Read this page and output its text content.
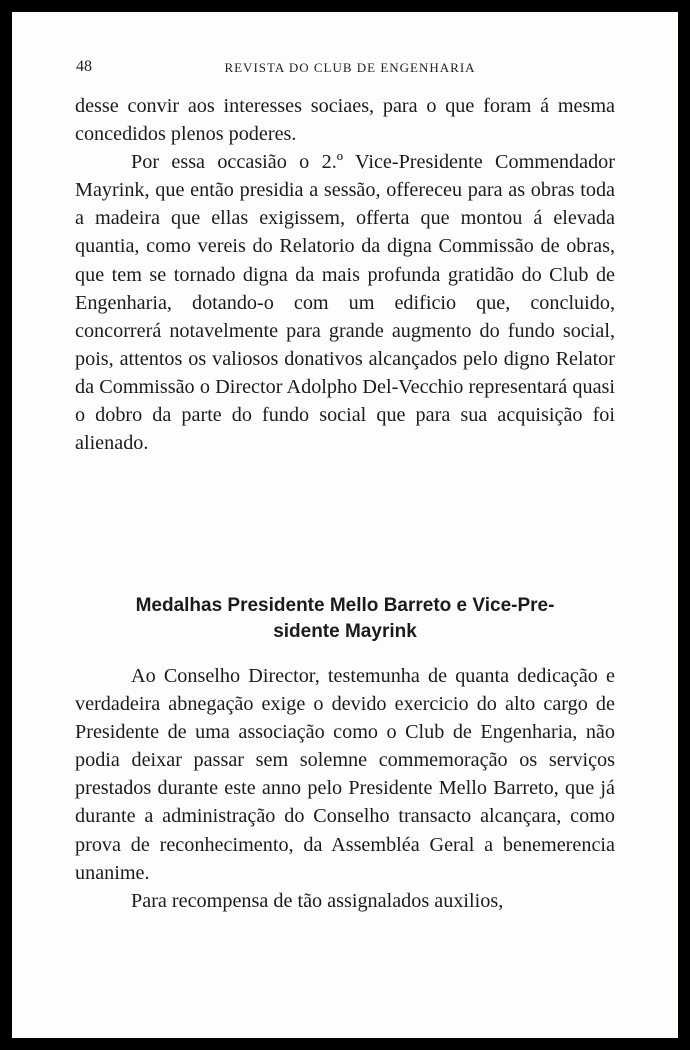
48	REVISTA DO CLUB DE ENGENHARIA

desse convir aos interesses sociaes, para o que foram á mesma concedidos plenos poderes.

Por essa occasião o 2.º Vice-Presidente Commendador Mayrink, que então presidia a sessão, offereceu para as obras toda a madeira que ellas exigissem, offerta que montou á elevada quantia, como vereis do Relatorio da digna Commissão de obras, que tem se tornado digna da mais profunda gratidão do Club de Engenharia, dotando-o com um edificio que, concluido, concorrerá notavelmente para grande augmento do fundo social, pois, attentos os valiosos donativos alcançados pelo digno Relator da Commissão o Director Adolpho Del-Vecchio representará quasi o dobro da parte do fundo social que para sua acquisição foi alienado.

Medalhas Presidente Mello Barreto e Vice-Pre-
sidente Mayrink

Ao Conselho Director, testemunha de quanta dedicação e verdadeira abnegação exige o devido exercicio do alto cargo de Presidente de uma associação como o Club de Engenharia, não podia deixar passar sem solemne commemoração os serviços prestados durante este anno pelo Presidente Mello Barreto, que já durante a administração do Conselho transacto alcançara, como prova de reconhecimento, da Assembléa Geral a benemerencia unanime.

Para recompensa de tão assignalados auxilios,
